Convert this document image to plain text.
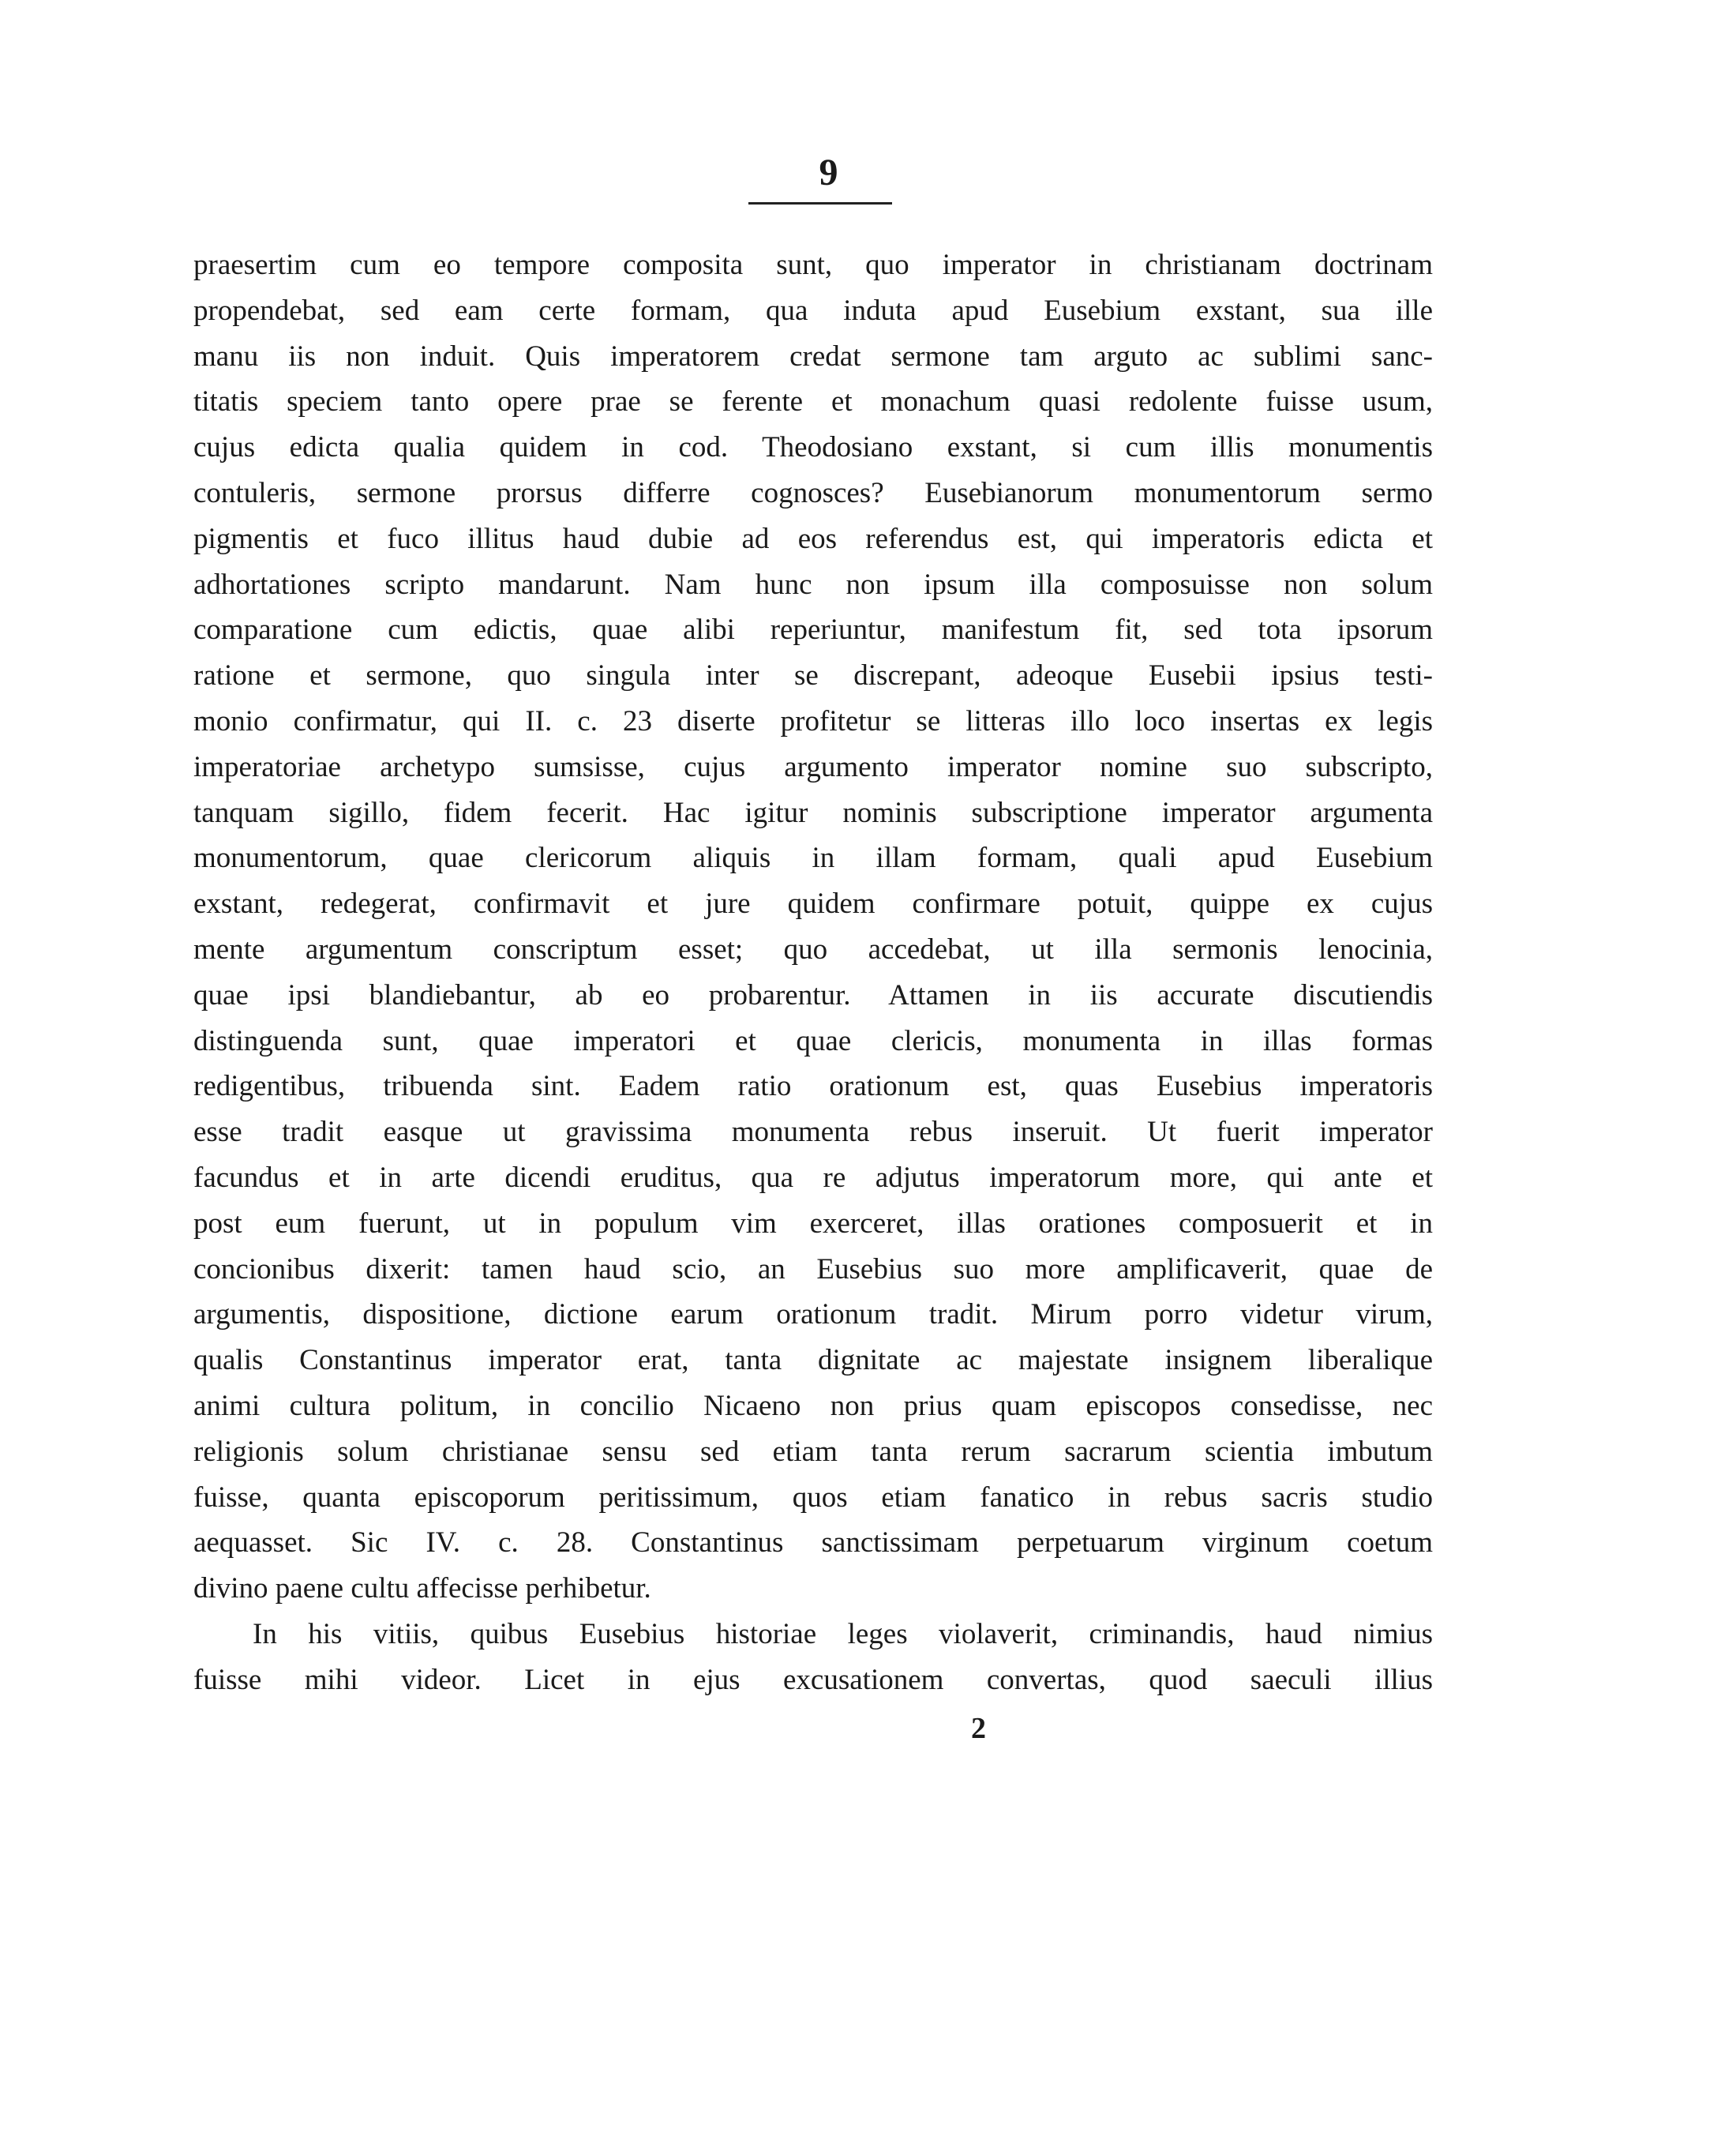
9
praesertim cum eo tempore composita sunt, quo imperator in christianam doctrinam
propendebat, sed eam certe formam, qua induta apud Eusebium exstant, sua ille
manu iis non induit. Quis imperatorem credat sermone tam arguto ac sublimi sanc-
titatis speciem tanto opere prae se ferente et monachum quasi redolente fuisse usum,
cujus edicta qualia quidem in cod. Theodosiano exstant, si cum illis monumentis
contuleris, sermone prorsus differre cognosces? Eusebianorum monumentorum sermo
pigmentis et fuco illitus haud dubie ad eos referendus est, qui imperatoris edicta et
adhortationes scripto mandarunt. Nam hunc non ipsum illa composuisse non solum
comparatione cum edictis, quae alibi reperiuntur, manifestum fit, sed tota ipsorum
ratione et sermone, quo singula inter se discrepant, adeoque Eusebii ipsius testi-
monio confirmatur, qui II. c. 23 diserte profitetur se litteras illo loco insertas ex legis
imperatoriae archetypo sumsisse, cujus argumento imperator nomine suo subscripto,
tanquam sigillo, fidem fecerit. Hac igitur nominis subscriptione imperator argumenta
monumentorum, quae clericorum aliquis in illam formam, quali apud Eusebium
exstant, redegerat, confirmavit et jure quidem confirmare potuit, quippe ex cujus
mente argumentum conscriptum esset; quo accedebat, ut illa sermonis lenocinia,
quae ipsi blandiebantur, ab eo probarentur. Attamen in iis accurate discutiendis
distinguenda sunt, quae imperatori et quae clericis, monumenta in illas formas
redigentibus, tribuenda sint. Eadem ratio orationum est, quas Eusebius imperatoris
esse tradit easque ut gravissima monumenta rebus inseruit. Ut fuerit imperator
facundus et in arte dicendi eruditus, qua re adjutus imperatorum more, qui ante et
post eum fuerunt, ut in populum vim exerceret, illas orationes composuerit et in
concionibus dixerit: tamen haud scio, an Eusebius suo more amplificaverit, quae de
argumentis, dispositione, dictione earum orationum tradit. Mirum porro videtur virum,
qualis Constantinus imperator erat, tanta dignitate ac majestate insignem liberalique
animi cultura politum, in concilio Nicaeno non prius quam episcopos consedisse, nec
religionis solum christianae sensu sed etiam tanta rerum sacrarum scientia imbutum
fuisse, quanta episcoporum peritissimum, quos etiam fanatico in rebus sacris studio
aequasset. Sic IV. c. 28. Constantinus sanctissimam perpetuarum virginum coetum
divino paene cultu affecisse perhibetur.
In his vitiis, quibus Eusebius historiae leges violaverit, criminandis, haud nimius
fuisse mihi videor. Licet in ejus excusationem convertas, quod saeculi illius
2
